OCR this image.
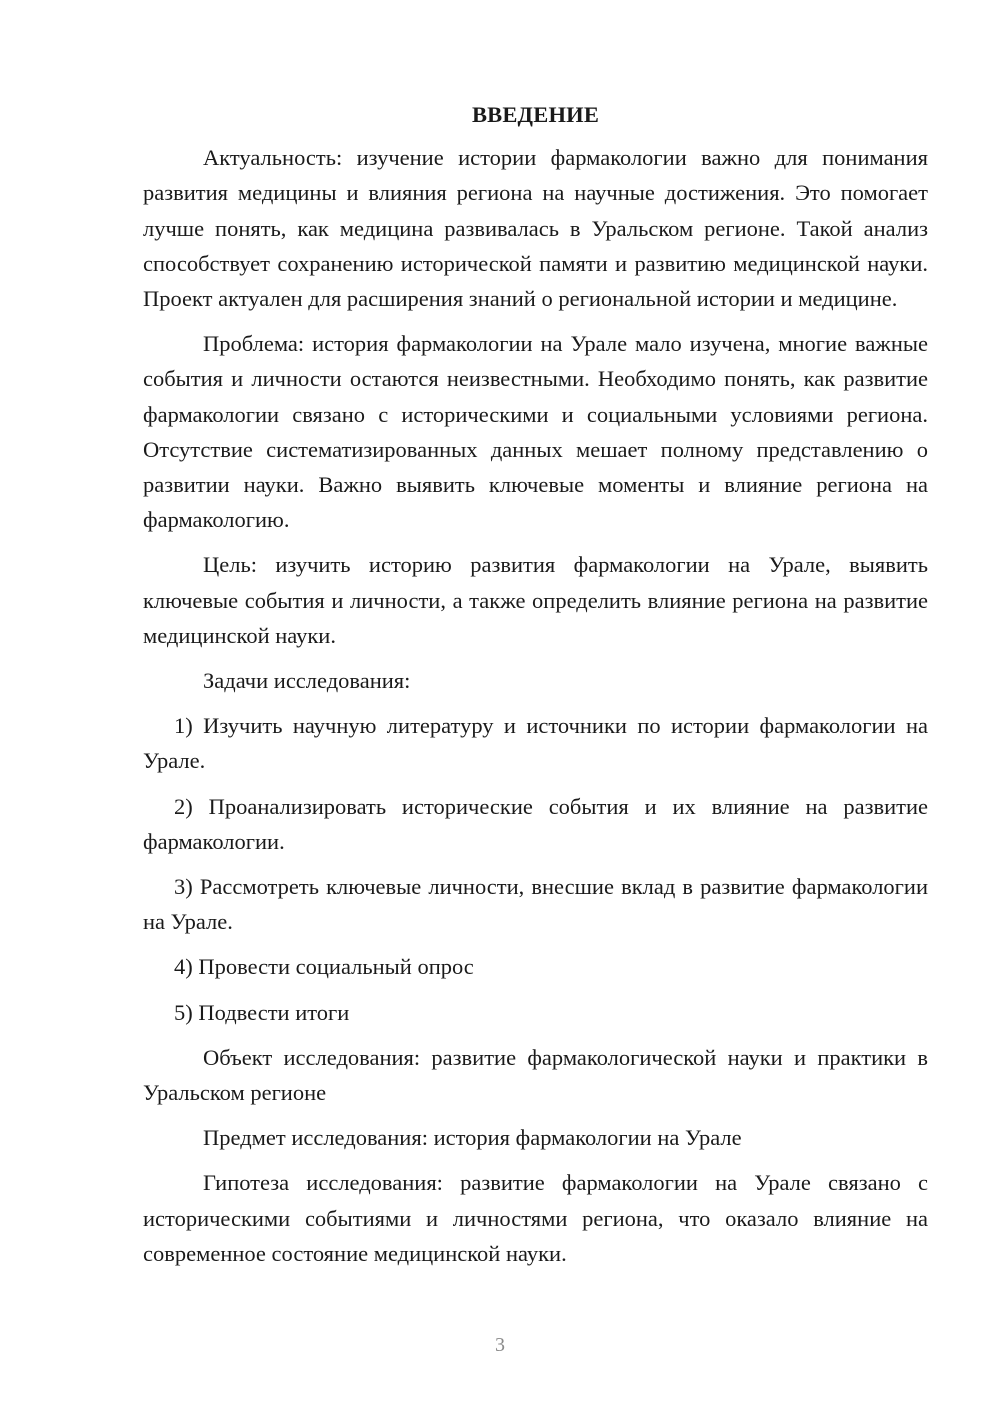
ВВЕДЕНИЕ

Актуальность: изучение истории фармакологии важно для понимания развития медицины и влияния региона на научные достижения. Это помогает лучше понять, как медицина развивалась в Уральском регионе. Такой анализ способствует сохранению исторической памяти и развитию медицинской науки. Проект актуален для расширения знаний о региональной истории и медицине.

Проблема: история фармакологии на Урале мало изучена, многие важные события и личности остаются неизвестными. Необходимо понять, как развитие фармакологии связано с историческими и социальными условиями региона. Отсутствие систематизированных данных мешает полному представлению о развитии науки. Важно выявить ключевые моменты и влияние региона на фармакологию.

Цель: изучить историю развития фармакологии на Урале, выявить ключевые события и личности, а также определить влияние региона на развитие медицинской науки.

Задачи исследования:

1) Изучить научную литературу и источники по истории фармакологии на Урале.

2) Проанализировать исторические события и их влияние на развитие фармакологии.

3) Рассмотреть ключевые личности, внесшие вклад в развитие фармакологии на Урале.

4) Провести социальный опрос

5) Подвести итоги

Объект исследования: развитие фармакологической науки и практики в Уральском регионе

Предмет исследования: история фармакологии на Урале

Гипотеза исследования: развитие фармакологии на Урале связано с историческими событиями и личностями региона, что оказало влияние на современное состояние медицинской науки.

3
